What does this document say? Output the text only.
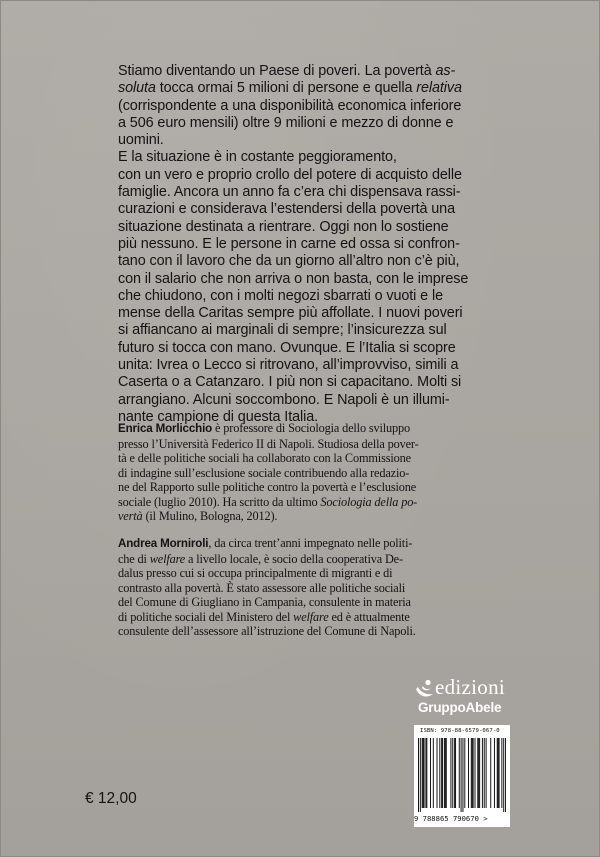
Stiamo diventando un Paese di poveri. La povertà as-
soluta tocca ormai 5 milioni di persone e quella relativa
(corrispondente a una disponibilità economica inferiore
a 506 euro mensili) oltre 9 milioni e mezzo di donne e
uomini.
E la situazione è in costante peggioramento,
con un vero e proprio crollo del potere di acquisto delle
famiglie. Ancora un anno fa c’era chi dispensava rassi-
curazioni e considerava l’estendersi della povertà una
situazione destinata a rientrare. Oggi non lo sostiene
più nessuno. E le persone in carne ed ossa si confron-
tano con il lavoro che da un giorno all’altro non c’è più,
con il salario che non arriva o non basta, con le imprese
che chiudono, con i molti negozi sbarrati o vuoti e le
mense della Caritas sempre più affollate. I nuovi poveri
si affiancano ai marginali di sempre; l’insicurezza sul
futuro si tocca con mano. Ovunque. E l’Italia si scopre
unita: Ivrea o Lecco si ritrovano, all’improvviso, simili a
Caserta o a Catanzaro. I più non si capacitano. Molti si
arrangiano. Alcuni soccombono. E Napoli è un illumi-
nante campione di questa Italia.
Enrica Morlicchio è professore di Sociologia dello sviluppo
presso l’Università Federico II di Napoli. Studiosa della pover-
tà e delle politiche sociali ha collaborato con la Commissione
di indagine sull’esclusione sociale contribuendo alla redazio-
ne del Rapporto sulle politiche contro la povertà e l’esclusione
sociale (luglio 2010). Ha scritto da ultimo Sociologia della po-
vertà (il Mulino, Bologna, 2012).
Andrea Morniroli, da circa trent’anni impegnato nelle politi-
che di welfare a livello locale, è socio della cooperativa De-
dalus presso cui si occupa principalmente di migranti e di
contrasto alla povertà. È stato assessore alle politiche sociali
del Comune di Giugliano in Campania, consulente in materia
di politiche sociali del Ministero del welfare ed è attualmente
consulente dell’assessore all’istruzione del Comune di Napoli.
edizioni
GruppoAbele
ISBN: 978-88-6579-067-0
9 788865 790670 >
€ 12,00
